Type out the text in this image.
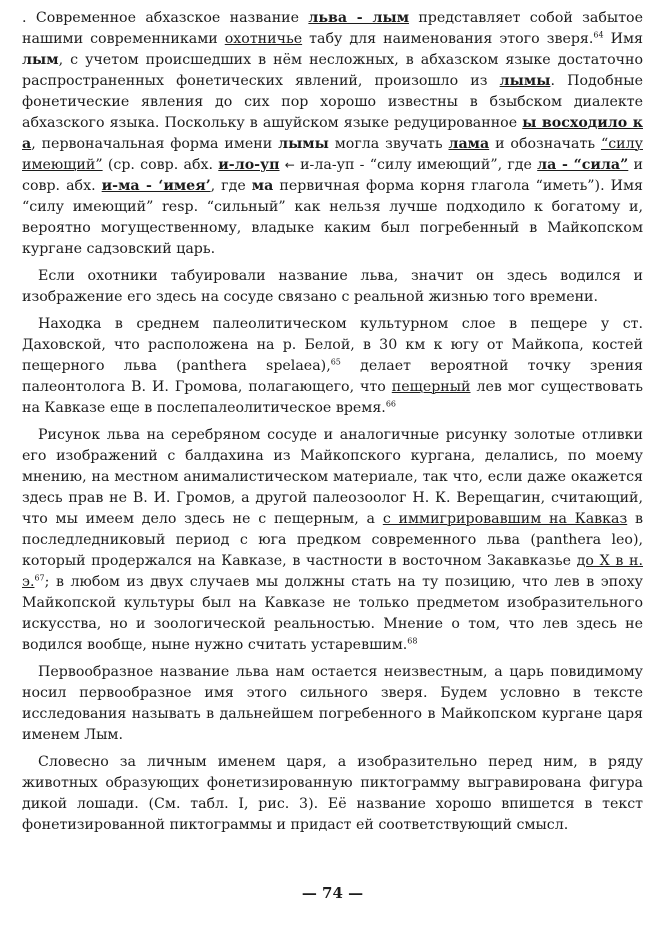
. Современное абхазское название льва - лым представляет собой забытое нашими современниками охотничье табу для наименования этого зверя.$^{64}$ Имя лым, с учетом происшедших в нём несложных, в абхазском языке достаточно распространенных фонетических явлений, произошло из лымы. Подобные фонетические явления до сих пор хорошо известны в бзыбском диалекте абхазского языка. Поскольку в ашуйском языке редуцированное ы восходило к а, первоначальная форма имени лымы могла звучать лама и обозначать “силу имеющий” (ср. совр. абх. и-ло-уп ← и-ла-уп - “силу имеющий”, где ла - “сила” и совр. абх. и-ма - ‘имея’, где ма первичная форма корня глагола “иметь”). Имя “силу имеющий” resp. “сильный” как нельзя лучше подходило к богатому и, вероятно могущественному, владыке каким был погребенный в Майкопском кургане садзовский царь.

Если охотники табуировали название льва, значит он здесь водился и изображение его здесь на сосуде связано с реальной жизнью того времени.

Находка в среднем палеолитическом культурном слое в пещере у ст. Даховской, что расположена на р. Белой, в 30 км к югу от Майкопа, костей пещерного льва (panthera spelaea),$^{65}$ делает вероятной точку зрения палеонтолога В. И. Громова, полагающего, что пещерный лев мог существовать на Кавказе еще в послепалеолитическое время.$^{66}$

Рисунок льва на серебряном сосуде и аналогичные рисунку золотые отливки его изображений с балдахина из Майкопского кургана, делались, по моему мнению, на местном анималистическом материале, так что, если даже окажется здесь прав не В. И. Громов, а другой палеозоолог Н. К. Верещагин, считающий, что мы имеем дело здесь не с пещерным, а с иммигрировавшим на Кавказ в последледниковый период с юга предком современного льва (panthera leo), который продержался на Кавказе, в частности в восточном Закавказье до Х в н. э.$^{67}$; в любом из двух случаев мы должны стать на ту позицию, что лев в эпоху Майкопской культуры был на Кавказе не только предметом изобразительного искусства, но и зоологической реальностью. Мнение о том, что лев здесь не водился вообще, ныне нужно считать устаревшим.$^{68}$

Первообразное название льва нам остается неизвестным, а царь повидимому носил первообразное имя этого сильного зверя. Будем условно в тексте исследования называть в дальнейшем погребенного в Майкопском кургане царя именем Лым.

Словесно за личным именем царя, а изобразительно перед ним, в ряду животных образующих фонетизированную пиктограмму выгравирована фигура дикой лошади. (См. табл. I, рис. 3). Её название хорошо впишется в текст фонетизированной пиктограммы и придаст ей соответствующий смысл.

— 74 —
